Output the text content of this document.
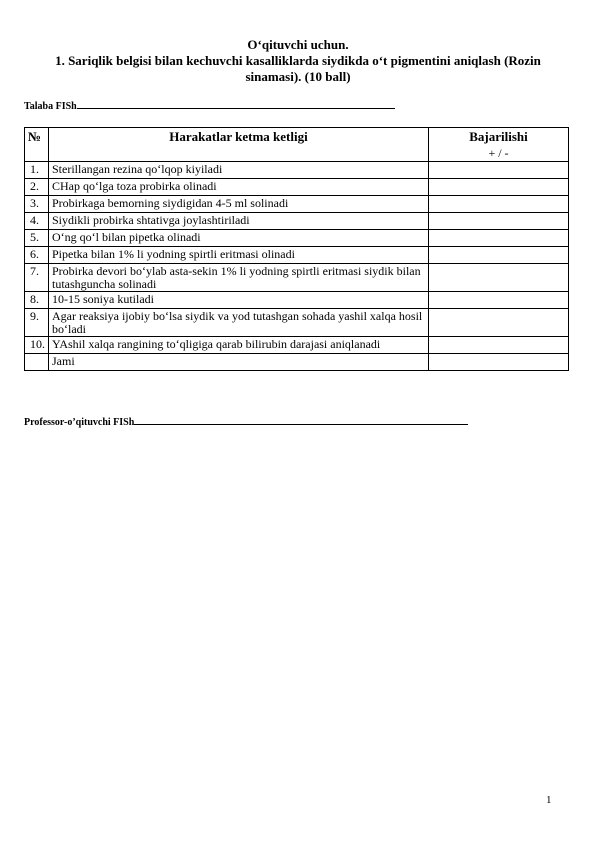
O‘qituvchi uchun.
1. Sariqlik belgisi bilan kechuvchi kasalliklarda siydikda o‘t pigmentini aniqlash (Rozin
sinamasi). (10 ball)
Talaba FISh
№	Harakatlar ketma ketligi	Bajarilishi
+ / -

1.	Sterillangan rezina qo‘lqop kiyiladi	
2.	CHap qo‘lga toza probirka olinadi	
3.	Probirkaga bemorning siydigidan 4-5 ml solinadi	
4.	Siydikli probirka shtativga joylashtiriladi	
5.	O‘ng qo‘l bilan pipetka olinadi	
6.	Pipetka bilan 1% li yodning spirtli eritmasi olinadi	
7.	Probirka devori bo‘ylab asta-sekin 1% li yodning spirtli eritmasi siydik bilan tutashguncha solinadi	
8.	10-15 soniya kutiladi	
9.	Agar reaksiya ijobiy bo‘lsa siydik va yod tutashgan sohada yashil xalqa hosil bo‘ladi	
10.	YAshil xalqa rangining to‘qligiga qarab bilirubin darajasi aniqlanadi	
	Jami	
Professor-o’qituvchi FISh
1
